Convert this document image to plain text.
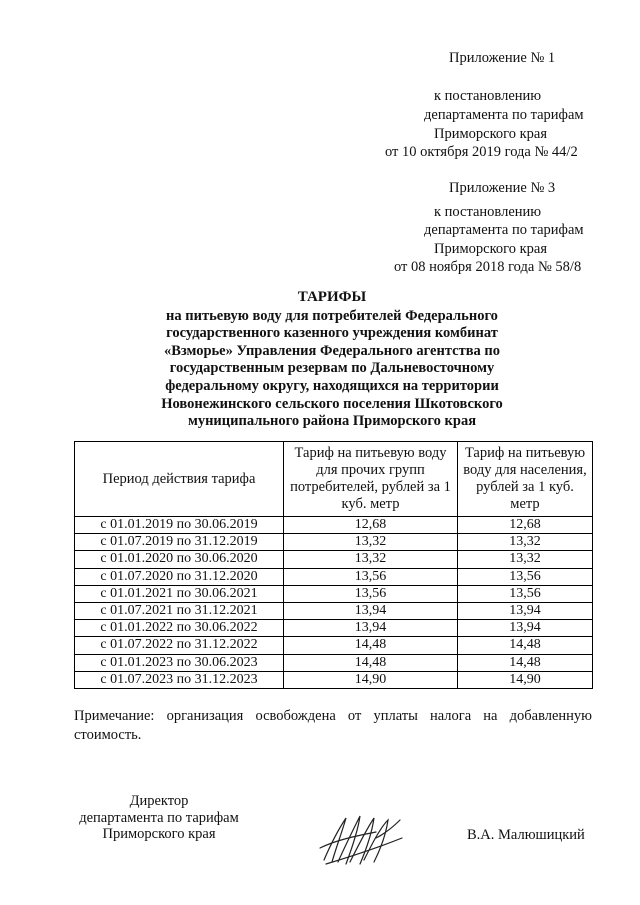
Приложение № 1
к постановлению
департамента по тарифам
Приморского края
от 10 октября 2019 года № 44/2
Приложение № 3
к постановлению
департамента по тарифам
Приморского края
от 08 ноября 2018 года № 58/8
ТАРИФЫ
на питьевую воду для потребителей Федерального
государственного казенного учреждения комбинат
«Взморье» Управления Федерального агентства по
государственным резервам по Дальневосточному
федеральному округу, находящихся на территории
Новонежинского сельского поселения Шкотовского
муниципального района Приморского края
Период действия тарифа	Тариф на питьевую воду для прочих групп потребителей, рублей за 1 куб. метр	Тариф на питьевую воду для населения, рублей за 1 куб. метр
с 01.01.2019 по 30.06.2019	12,68	12,68
с 01.07.2019 по 31.12.2019	13,32	13,32
с 01.01.2020 по 30.06.2020	13,32	13,32
с 01.07.2020 по 31.12.2020	13,56	13,56
с 01.01.2021 по 30.06.2021	13,56	13,56
с 01.07.2021 по 31.12.2021	13,94	13,94
с 01.01.2022 по 30.06.2022	13,94	13,94
с 01.07.2022 по 31.12.2022	14,48	14,48
с 01.01.2023 по 30.06.2023	14,48	14,48
с 01.07.2023 по 31.12.2023	14,90	14,90
Примечание: организация освобождена от уплаты налога на добавленную стоимость.
Директор
департамента по тарифам
Приморского края	В.А. Малюшицкий
